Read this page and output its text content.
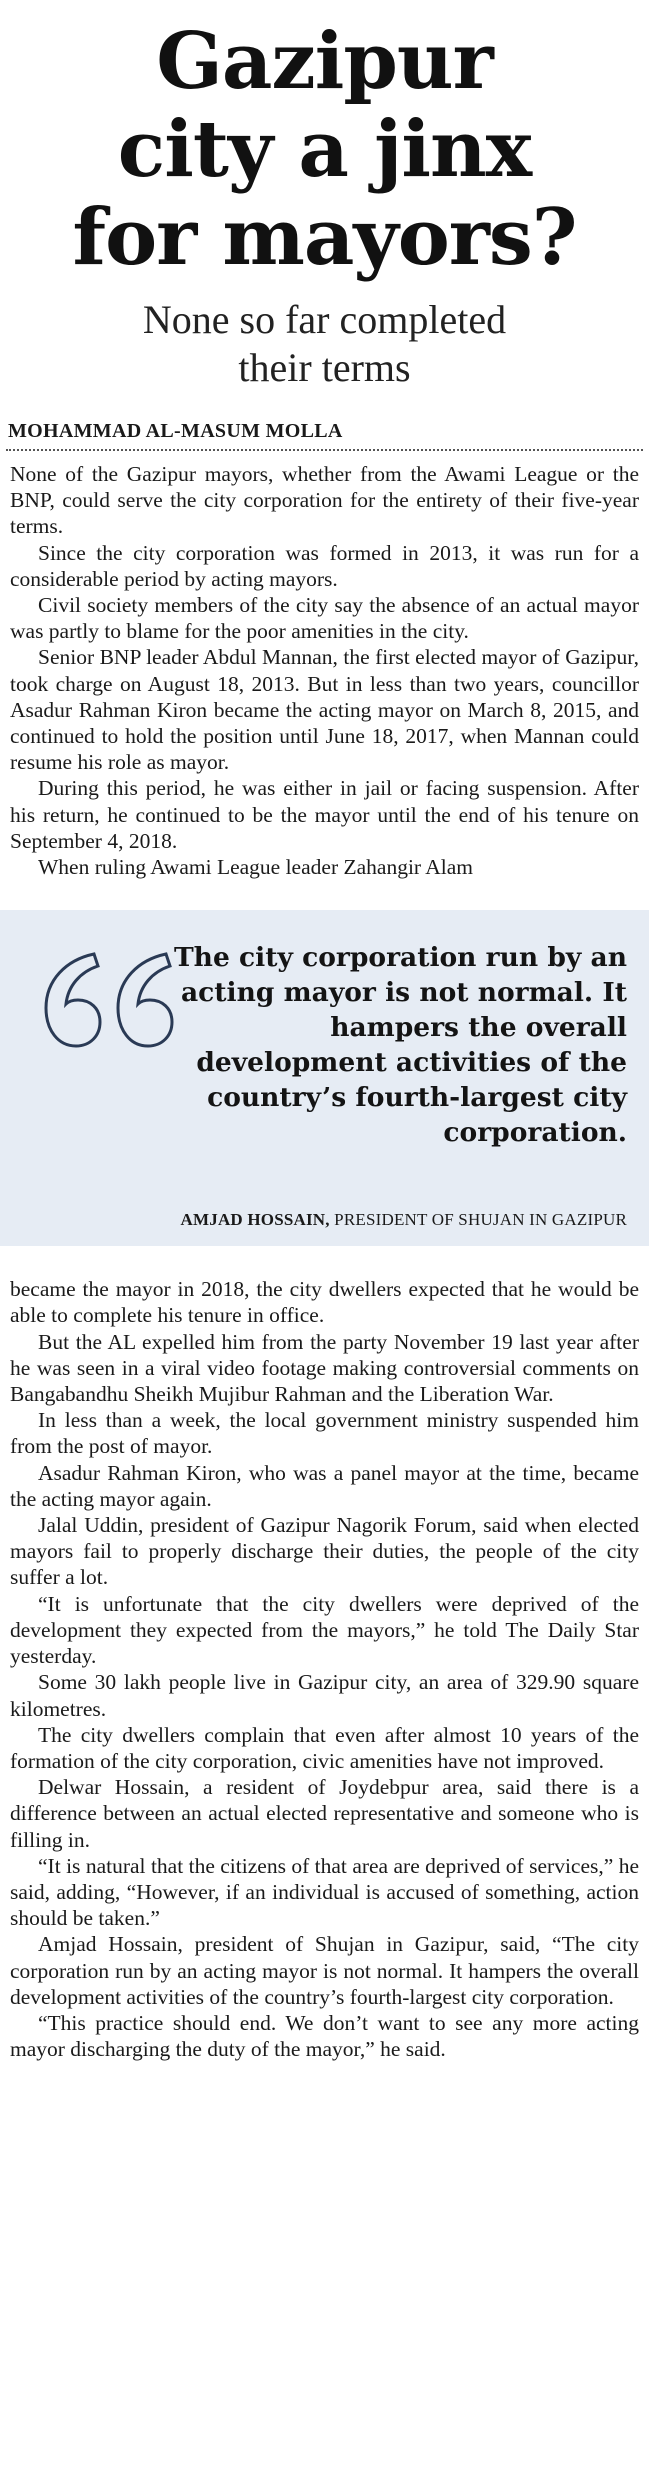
Gazipur
city a jinx
for mayors?
None so far completed
their terms
MOHAMMAD AL-MASUM MOLLA

None of the Gazipur mayors, whether from the Awami League or the BNP, could serve the city corporation for the entirety of their five-year terms.

Since the city corporation was formed in 2013, it was run for a considerable period by acting mayors.

Civil society members of the city say the absence of an actual mayor was partly to blame for the poor amenities in the city.

Senior BNP leader Abdul Mannan, the first elected mayor of Gazipur, took charge on August 18, 2013. But in less than two years, councillor Asadur Rahman Kiron became the acting mayor on March 8, 2015, and continued to hold the position until June 18, 2017, when Mannan could resume his role as mayor.

During this period, he was either in jail or facing suspension. After his return, he continued to be the mayor until the end of his tenure on September 4, 2018.

When ruling Awami League leader Zahangir Alam

The city corporation run by an acting mayor is not normal. It hampers the overall development activities of the country’s fourth-largest city corporation.
AMJAD HOSSAIN, PRESIDENT OF SHUJAN IN GAZIPUR

became the mayor in 2018, the city dwellers expected that he would be able to complete his tenure in office.

But the AL expelled him from the party November 19 last year after he was seen in a viral video footage making controversial comments on Bangabandhu Sheikh Mujibur Rahman and the Liberation War.

In less than a week, the local government ministry suspended him from the post of mayor.

Asadur Rahman Kiron, who was a panel mayor at the time, became the acting mayor again.

Jalal Uddin, president of Gazipur Nagorik Forum, said when elected mayors fail to properly discharge their duties, the people of the city suffer a lot.

“It is unfortunate that the city dwellers were deprived of the development they expected from the mayors,” he told The Daily Star yesterday.

Some 30 lakh people live in Gazipur city, an area of 329.90 square kilometres.

The city dwellers complain that even after almost 10 years of the formation of the city corporation, civic amenities have not improved.

Delwar Hossain, a resident of Joydebpur area, said there is a difference between an actual elected representative and someone who is filling in.

“It is natural that the citizens of that area are deprived of services,” he said, adding, “However, if an individual is accused of something, action should be taken.”

Amjad Hossain, president of Shujan in Gazipur, said, “The city corporation run by an acting mayor is not normal. It hampers the overall development activities of the country’s fourth-largest city corporation.

“This practice should end. We don’t want to see any more acting mayor discharging the duty of the mayor,” he said.
